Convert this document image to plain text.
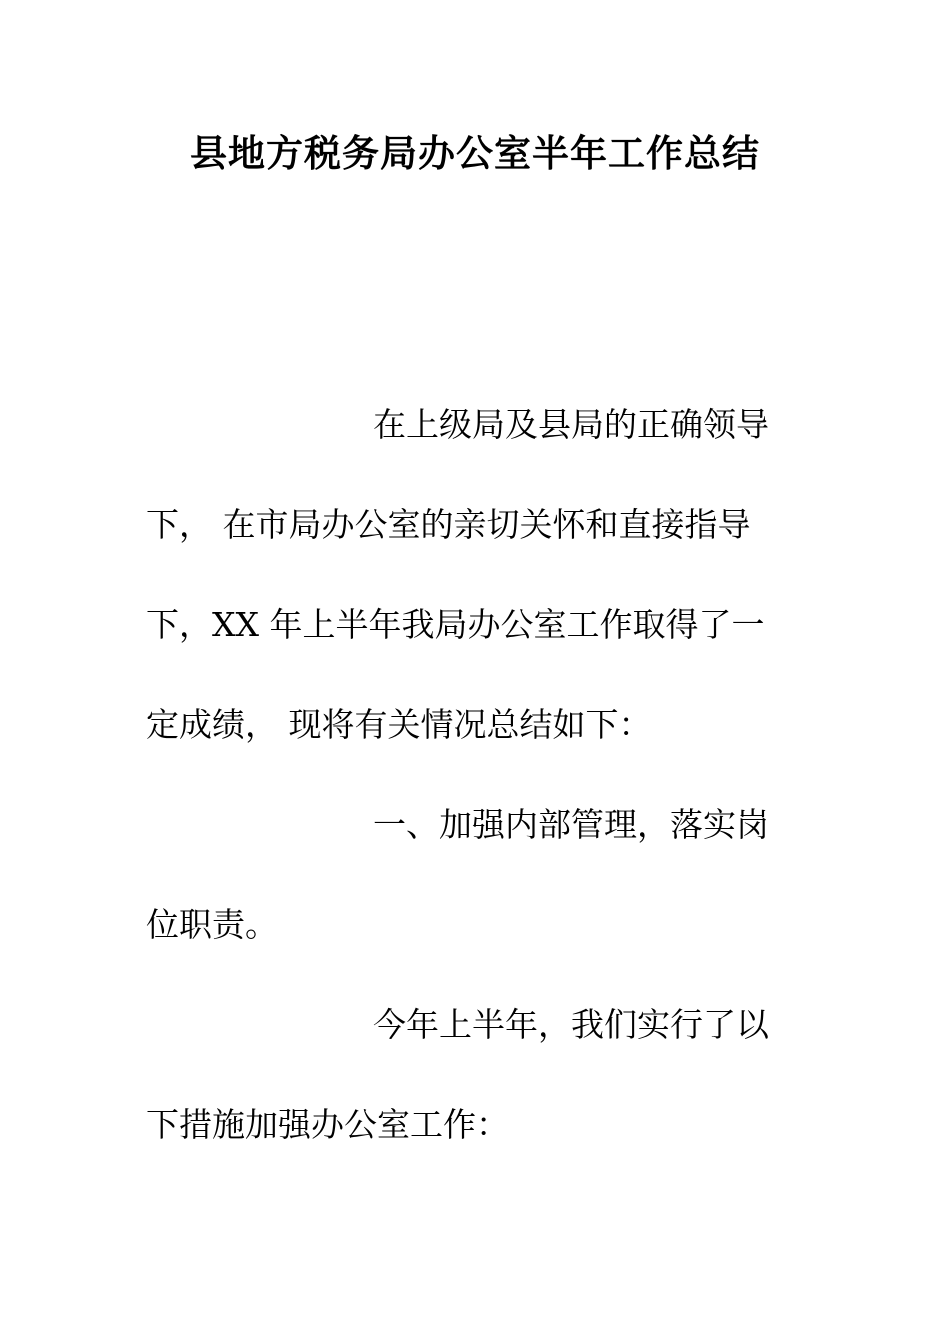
县地方税务局办公室半年工作总结
在上级局及县局的正确领导
下， 在市局办公室的亲切关怀和直接指导
下，XX 年上半年我局办公室工作取得了一
定成绩， 现将有关情况总结如下：
一、加强内部管理，落实岗
位职责。
今年上半年，我们实行了以
下措施加强办公室工作：
